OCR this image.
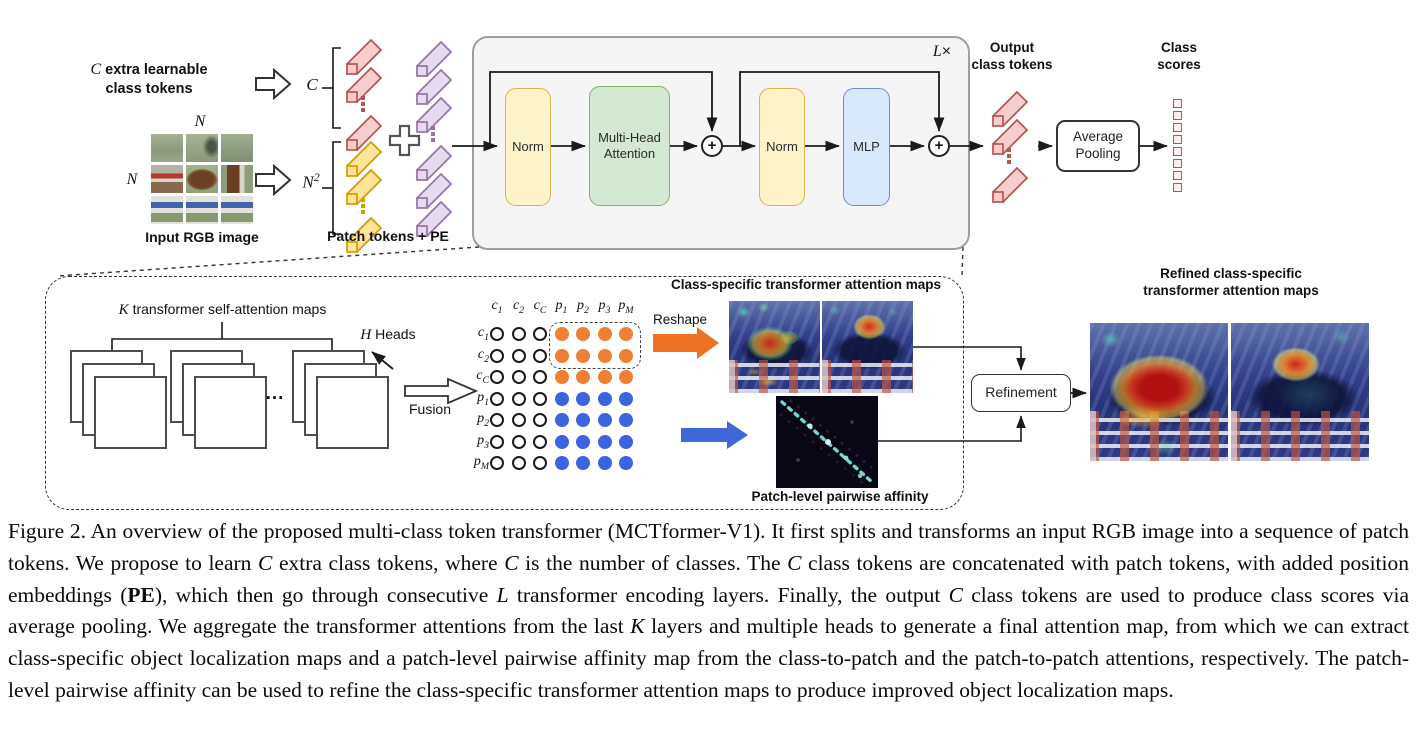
C extra learnable
class tokens	C
N
N
Input RGB image
$N^2$
Patch tokens + PE
L×
Norm
Multi-Head
Attention	+	Norm	MLP	+
Output
class tokens
Average
Pooling
Class
scores
K transformer self-attention maps
...
H Heads
Fusion
$c_1$ $c_2$ $c_C$ $p_1$ $p_2$ $p_3$ $p_M$
$c_1$
$c_2$
$c_C$
$p_1$
$p_2$
$p_3$
$p_M$
Reshape
Class-specific transformer attention maps
Patch-level pairwise affinity
Refinement
Refined class-specific
transformer attention maps

Figure 2. An overview of the proposed multi-class token transformer (MCTformer-V1). It first splits and transforms an input RGB image into a sequence of patch tokens. We propose to learn C extra class tokens, where C is the number of classes. The C class tokens are concatenated with patch tokens, with added position embeddings (PE), which then go through consecutive L transformer encoding layers. Finally, the output C class tokens are used to produce class scores via average pooling. We aggregate the transformer attentions from the last K layers and multiple heads to generate a final attention map, from which we can extract class-specific object localization maps and a patch-level pairwise affinity map from the class-to-patch and the patch-to-patch attentions, respectively. The patch-level pairwise affinity can be used to refine the class-specific transformer attention maps to produce improved object localization maps.
